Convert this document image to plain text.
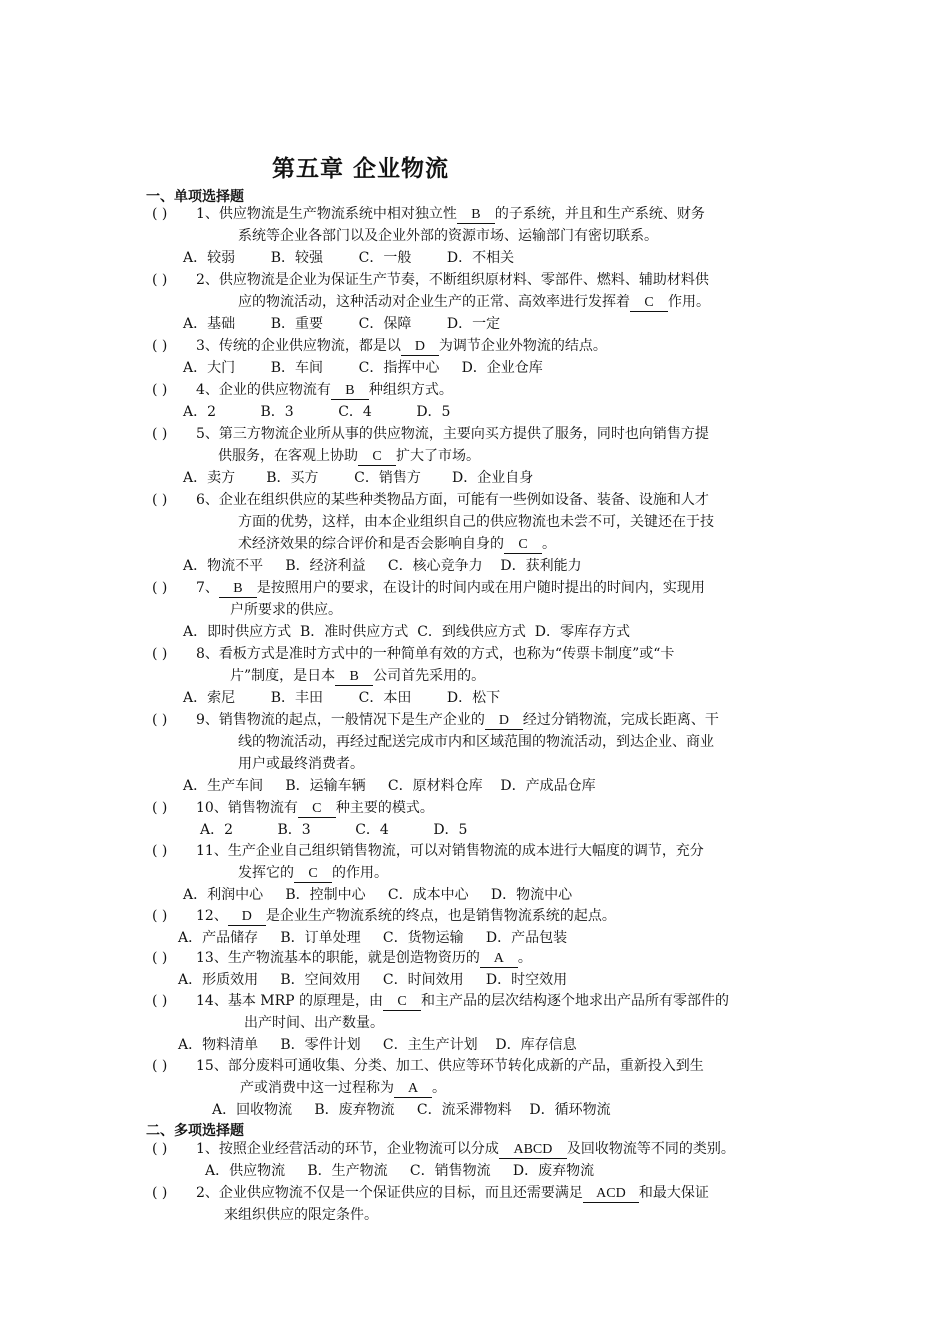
第五章 企业物流
一、单项选择题
( ) 1、供应物流是生产物流系统中相对独立性 B 的子系统，并且和生产系统、财务
系统等企业各部门以及企业外部的资源市场、运输部门有密切联系。
A．较弱        B．较强        C．一般        D．不相关
( ) 2、供应物流是企业为保证生产节奏，不断组织原材料、零部件、燃料、辅助材料供
应的物流活动，这种活动对企业生产的正常、高效率进行发挥着 C 作用。
A．基础        B．重要        C．保障        D．一定
( ) 3、传统的企业供应物流，都是以 D 为调节企业外物流的结点。
A．大门        B．车间        C．指挥中心     D．企业仓库
( ) 4、企业的供应物流有 B 种组织方式。
A．2          B．3          C．4          D．5
( ) 5、第三方物流企业所从事的供应物流，主要向买方提供了服务，同时也向销售方提
供服务，在客观上协助 C 扩大了市场。
A．卖方       B．买方        C．销售方       D．企业自身
( ) 6、企业在组织供应的某些种类物品方面，可能有一些例如设备、装备、设施和人才
方面的优势，这样，由本企业组织自己的供应物流也未尝不可，关键还在于技
术经济效果的综合评价和是否会影响自身的 C 。
A．物流不平     B．经济利益     C．核心竞争力    D．获利能力
( ) 7、 B 是按照用户的要求，在设计的时间内或在用户随时提出的时间内，实现用
户所要求的供应。
A．即时供应方式  B．准时供应方式  C．到线供应方式  D．零库存方式
( ) 8、看板方式是准时方式中的一种简单有效的方式，也称为“传票卡制度”或“卡
片”制度，是日本 B 公司首先采用的。
A．索尼        B．丰田        C．本田        D．松下
( ) 9、销售物流的起点，一般情况下是生产企业的 D 经过分销物流，完成长距离、干
线的物流活动，再经过配送完成市内和区域范围的物流活动，到达企业、商业
用户或最终消费者。
A．生产车间     B．运输车辆     C．原材料仓库    D．产成品仓库
( ) 10、销售物流有 C 种主要的模式。
A．2          B．3          C．4          D．5
( ) 11、生产企业自己组织销售物流，可以对销售物流的成本进行大幅度的调节，充分
发挥它的 C 的作用。
A．利润中心     B．控制中心     C．成本中心     D．物流中心
( ) 12、 D 是企业生产物流系统的终点，也是销售物流系统的起点。
A．产品储存     B．订单处理     C．货物运输     D．产品包装
( ) 13、生产物流基本的职能，就是创造物资历的 A 。
A．形质效用     B．空间效用     C．时间效用     D．时空效用
( ) 14、基本 MRP 的原理是，由 C 和主产品的层次结构逐个地求出产品所有零部件的
出产时间、出产数量。
A．物料清单     B．零件计划     C．主生产计划    D．库存信息
( ) 15、部分废料可通收集、分类、加工、供应等环节转化成新的产品，重新投入到生
产或消费中这一过程称为 A 。
A．回收物流     B．废弃物流     C．流采滞物料    D．循环物流
二、多项选择题
( ) 1、按照企业经营活动的环节，企业物流可以分成 ABCD 及回收物流等不同的类别。
A．供应物流     B．生产物流     C．销售物流     D．废弃物流
( ) 2、企业供应物流不仅是一个保证供应的目标，而且还需要满足 ACD 和最大保证
来组织供应的限定条件。
